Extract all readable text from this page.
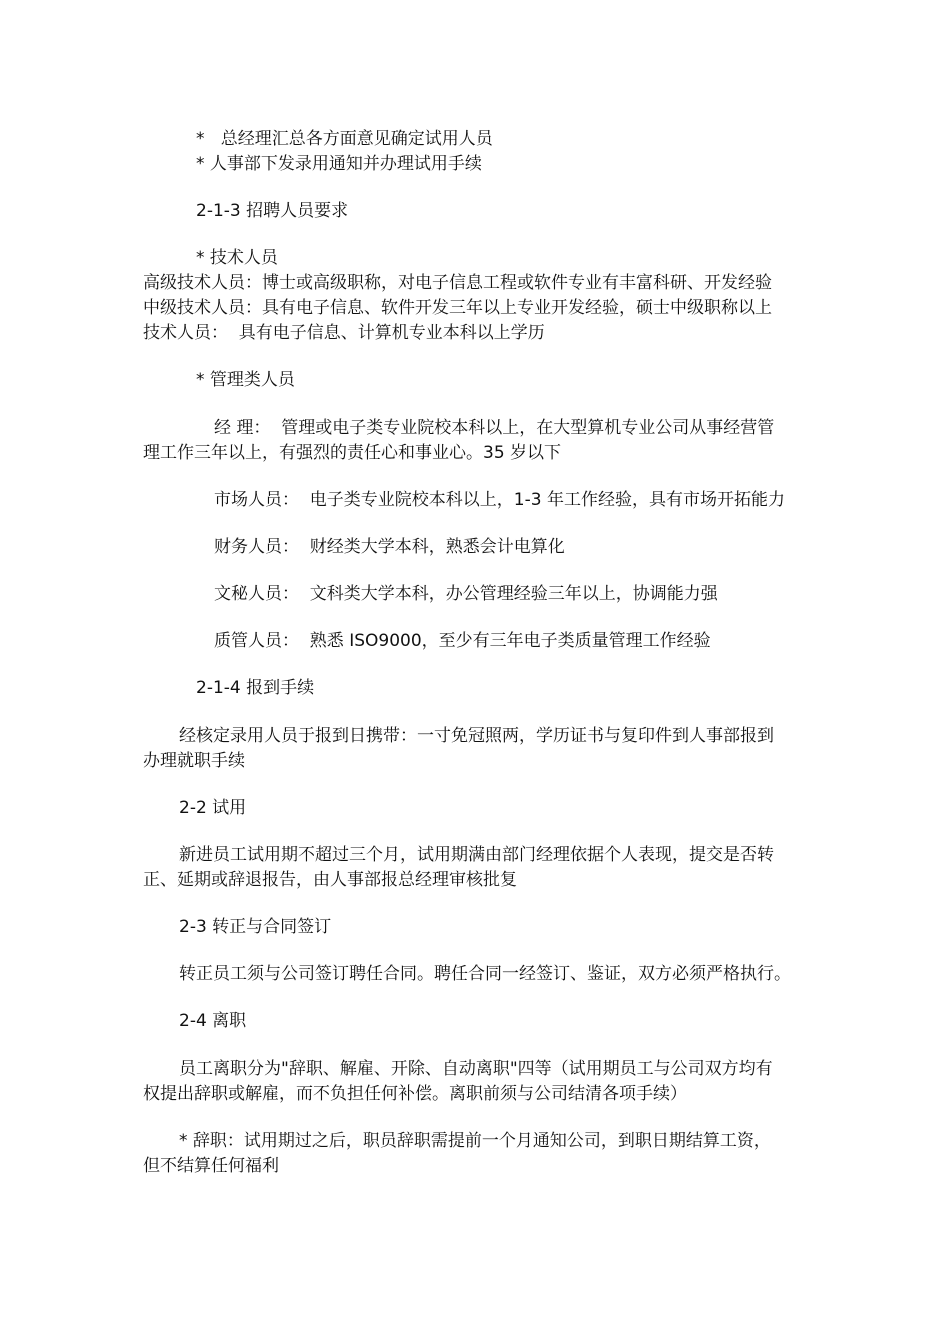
*   总经理汇总各方面意见确定试用人员

* 人事部下发录用通知并办理试用手续

2-1-3 招聘人员要求

* 技术人员

高级技术人员：博士或高级职称，对电子信息工程或软件专业有丰富科研、开发经验

中级技术人员：具有电子信息、软件开发三年以上专业开发经验，硕士中级职称以上

技术人员：  具有电子信息、计算机专业本科以上学历

* 管理类人员

经 理：  管理或电子类专业院校本科以上，在大型算机专业公司从事经营管

理工作三年以上，有强烈的责任心和事业心。35 岁以下

市场人员：  电子类专业院校本科以上，1-3 年工作经验，具有市场开拓能力

财务人员：  财经类大学本科，熟悉会计电算化

文秘人员：  文科类大学本科，办公管理经验三年以上，协调能力强

质管人员：  熟悉 ISO9000，至少有三年电子类质量管理工作经验

2-1-4 报到手续

经核定录用人员于报到日携带：一寸免冠照两，学历证书与复印件到人事部报到

办理就职手续

2-2 试用

新进员工试用期不超过三个月，试用期满由部门经理依据个人表现，提交是否转

正、延期或辞退报告，由人事部报总经理审核批复

2-3 转正与合同签订

转正员工须与公司签订聘任合同。聘任合同一经签订、鉴证，双方必须严格执行。

2-4 离职

员工离职分为"辞职、解雇、开除、自动离职"四等（试用期员工与公司双方均有

权提出辞职或解雇，而不负担任何补偿。离职前须与公司结清各项手续）

* 辞职：试用期过之后，职员辞职需提前一个月通知公司，到职日期结算工资，

但不结算任何福利
